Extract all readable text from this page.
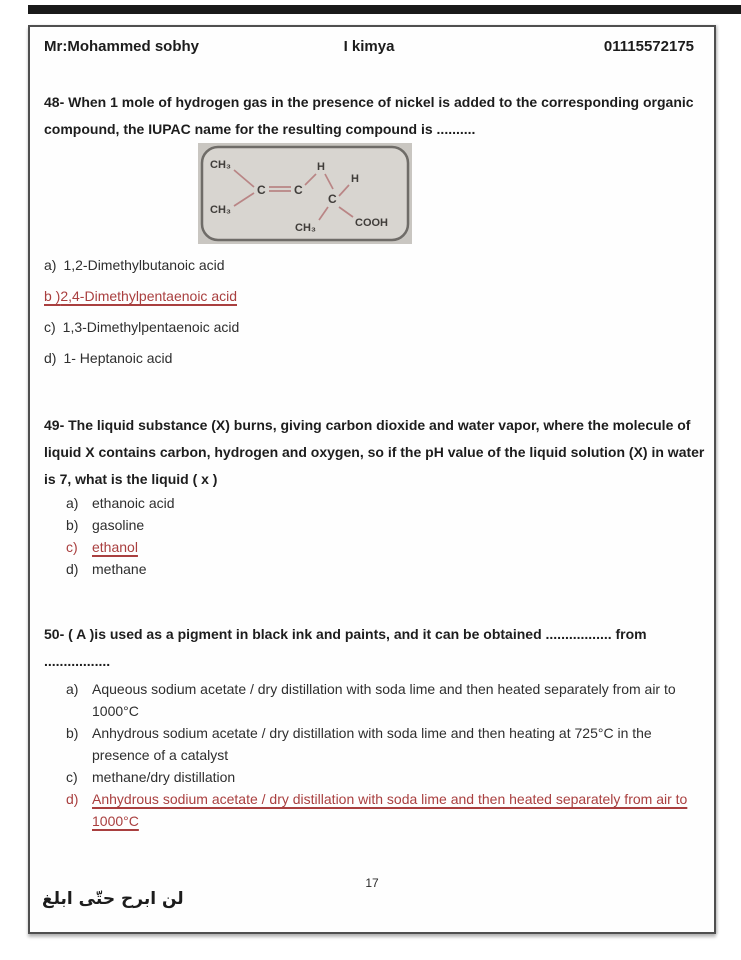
Mr:Mohammed sobhy	I kimya	01115572175
48- When 1 mole of hydrogen gas in the presence of nickel is added to the corresponding organic compound, the IUPAC name for the resulting compound is ..........
CH₃
CH₃
C C
H
C
H
CH₃	COOH
a) 1,2-Dimethylbutanoic acid
b )2,4-Dimethylpentaenoic acid
c) 1,3-Dimethylpentaenoic acid
d) 1- Heptanoic acid
49- The liquid substance (X) burns, giving carbon dioxide and water vapor, where the molecule of liquid X contains carbon, hydrogen and oxygen, so if the pH value of the liquid solution (X) in water is 7, what is the liquid ( x )
a) ethanoic acid
b) gasoline
c)	ethanol
d) methane
50- ( A )is used as a pigment in black ink and paints, and it can be obtained ................. from
.................
a) Aqueous sodium acetate / dry distillation with soda lime and then heated separately from air to 1000°C
b) Anhydrous sodium acetate / dry distillation with soda lime and then heating at 725°C in the presence of a catalyst
c)	methane/dry distillation
d) Anhydrous sodium acetate / dry distillation with soda lime and then heated separately from air to 1000°C
17
لن ابرح حتّى ابلغ
